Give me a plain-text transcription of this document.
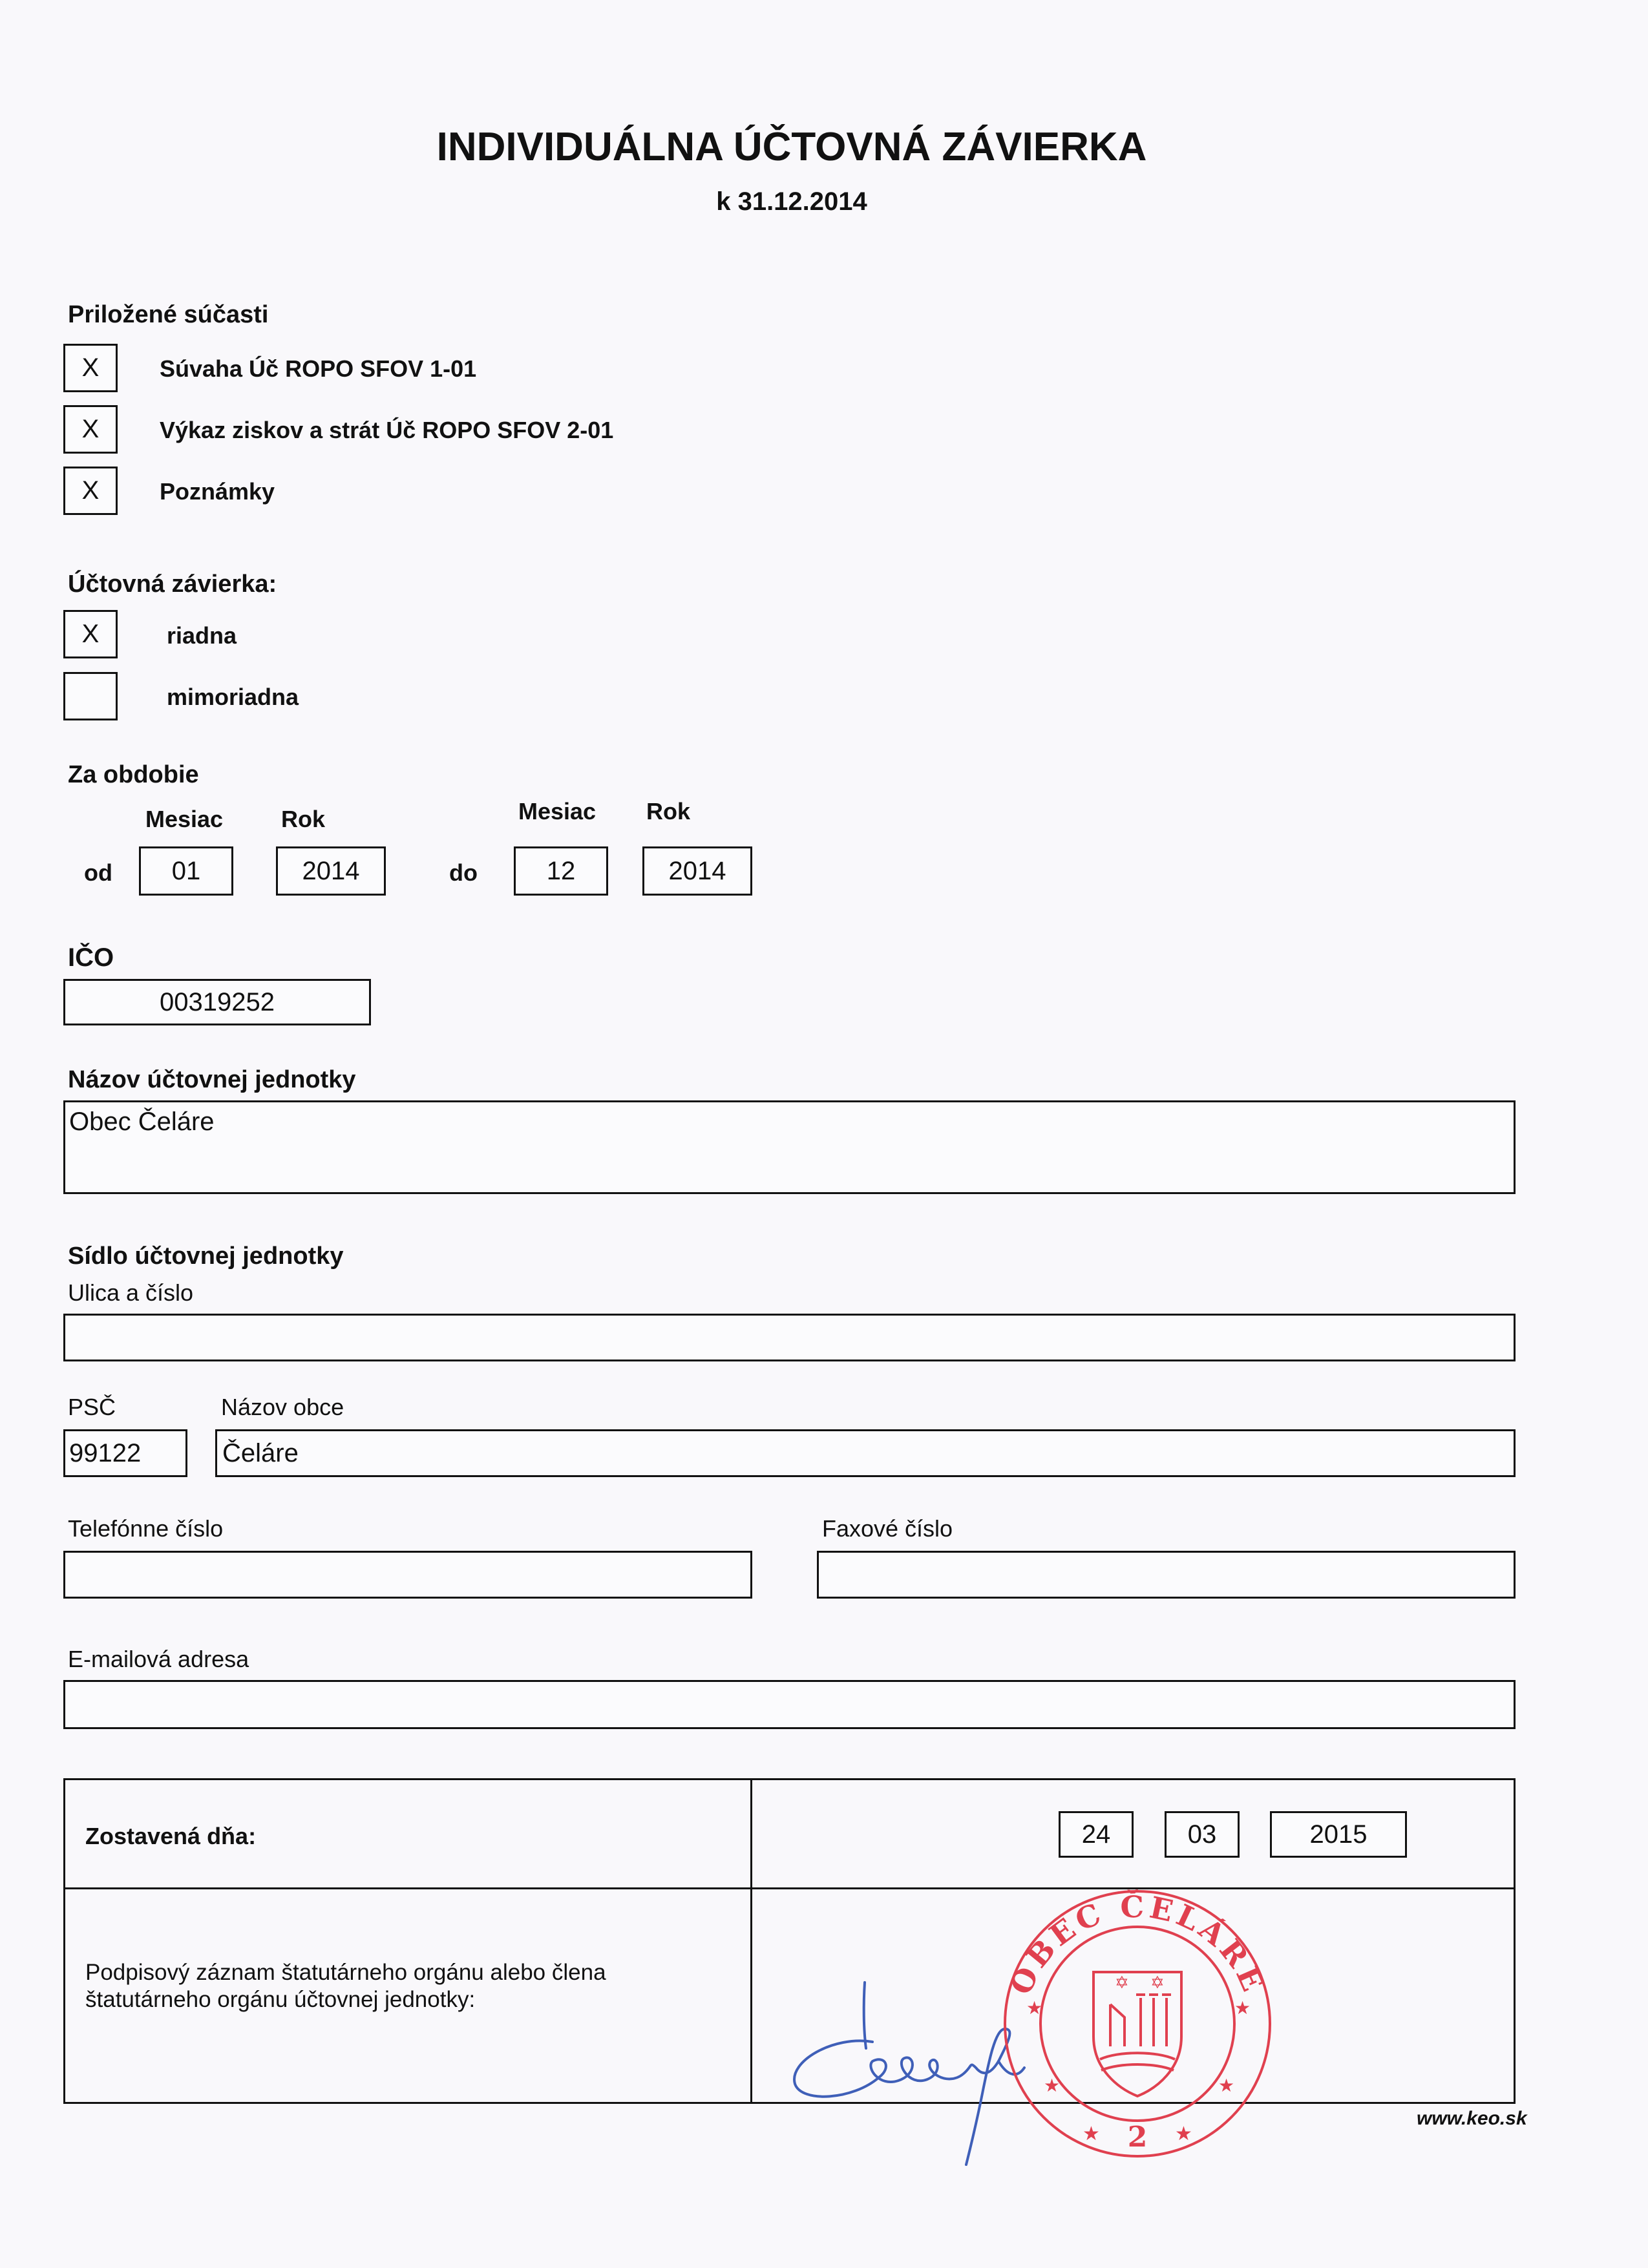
INDIVIDUÁLNA ÚČTOVNÁ ZÁVIERKA
k 31.12.2014
Priložené súčasti
X	Súvaha Úč ROPO SFOV 1-01
X	Výkaz ziskov a strát Úč ROPO SFOV 2-01
X	Poznámky
Účtovná závierka:
X	riadna
mimoriadna
Za obdobie
Mesiac Rok	Mesiac Rok
od	01	2014	do	12	2014
IČO
00319252
Názov účtovnej jednotky
Obec Čeláre
Sídlo účtovnej jednotky
Ulica a číslo
PSČ	Názov obce
99122	Čeláre
Telefónne číslo	Faxové číslo
E-mailová adresa
Zostavená dňa:	24	03	2015
Podpisový záznam štatutárneho orgánu alebo člena štatutárneho orgánu účtovnej jednotky:
✡ ✡
★	★
★	★
★	★
OBEC ČELÁRE
2
www.keo.sk
